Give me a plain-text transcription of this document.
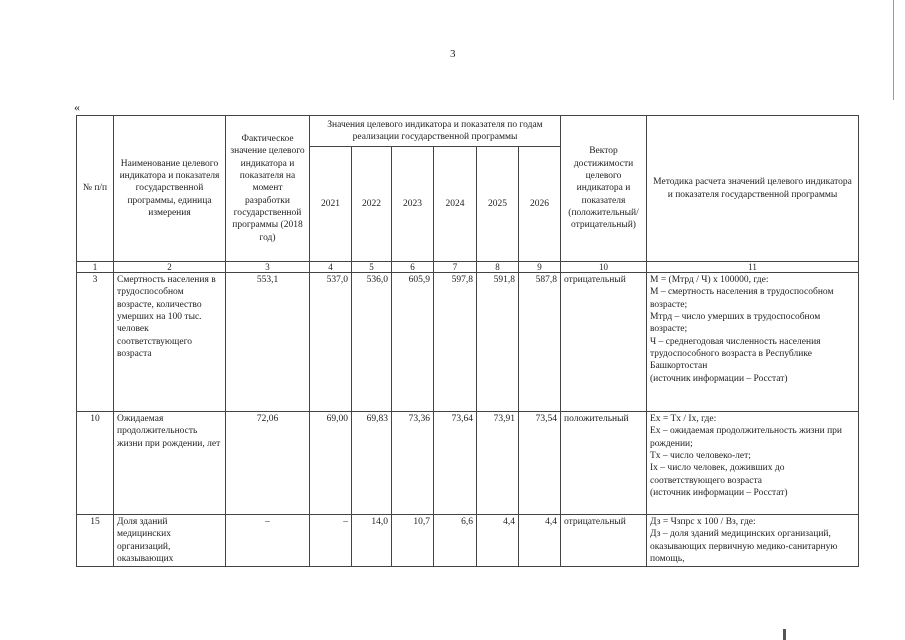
3
«
№ п/п	Наименование целевого индикатора и показателя государственной программы, единица измерения	Фактическое значение целевого индикатора и показателя на момент разработки государственной программы (2018 год)	Значения целевого индикатора и показателя по годам реализации государственной программы						Вектор достижимости целевого индикатора и показателя (положительный/ отрицательный)	Методика расчета значений целевого индикатора и показателя государственной программы
			2021	2022	2023	2024	2025	2026		
1	2	3	4	5	6	7	8	9	10	11
3	Смертность населения в трудоспособном возрасте, количество умерших на 100 тыс. человек соответствующего возраста	553,1	537,0	536,0	605,9	597,8	591,8	587,8	отрицательный	М = (Мтрд / Ч) х 100000, где:
М – смертность населения в трудоспособном возрасте;
Мтрд – число умерших в трудоспособном возрасте;
Ч – среднегодовая численность населения трудоспособного возраста в Республике Башкортостан
(источник информации – Росстат)

10	Ожидаемая продолжительность жизни при рождении, лет	72,06	69,00	69,83	73,36	73,64	73,91	73,54	положительный	Ex = Tx / Ix, где:
Ex – ожидаемая продолжительность жизни при рождении;
Tx – число человеко-лет;
Ix – число человек, доживших до соответствующего возраста
(источник информации – Росстат)

15	Доля зданий медицинских организаций, оказывающих	–	–	14,0	10,7	6,6	4,4	4,4	отрицательный	Дз = Чзпрс х 100 / Вз, где:
Дз – доля зданий медицинских организаций, оказывающих первичную медико-санитарную помощь,
